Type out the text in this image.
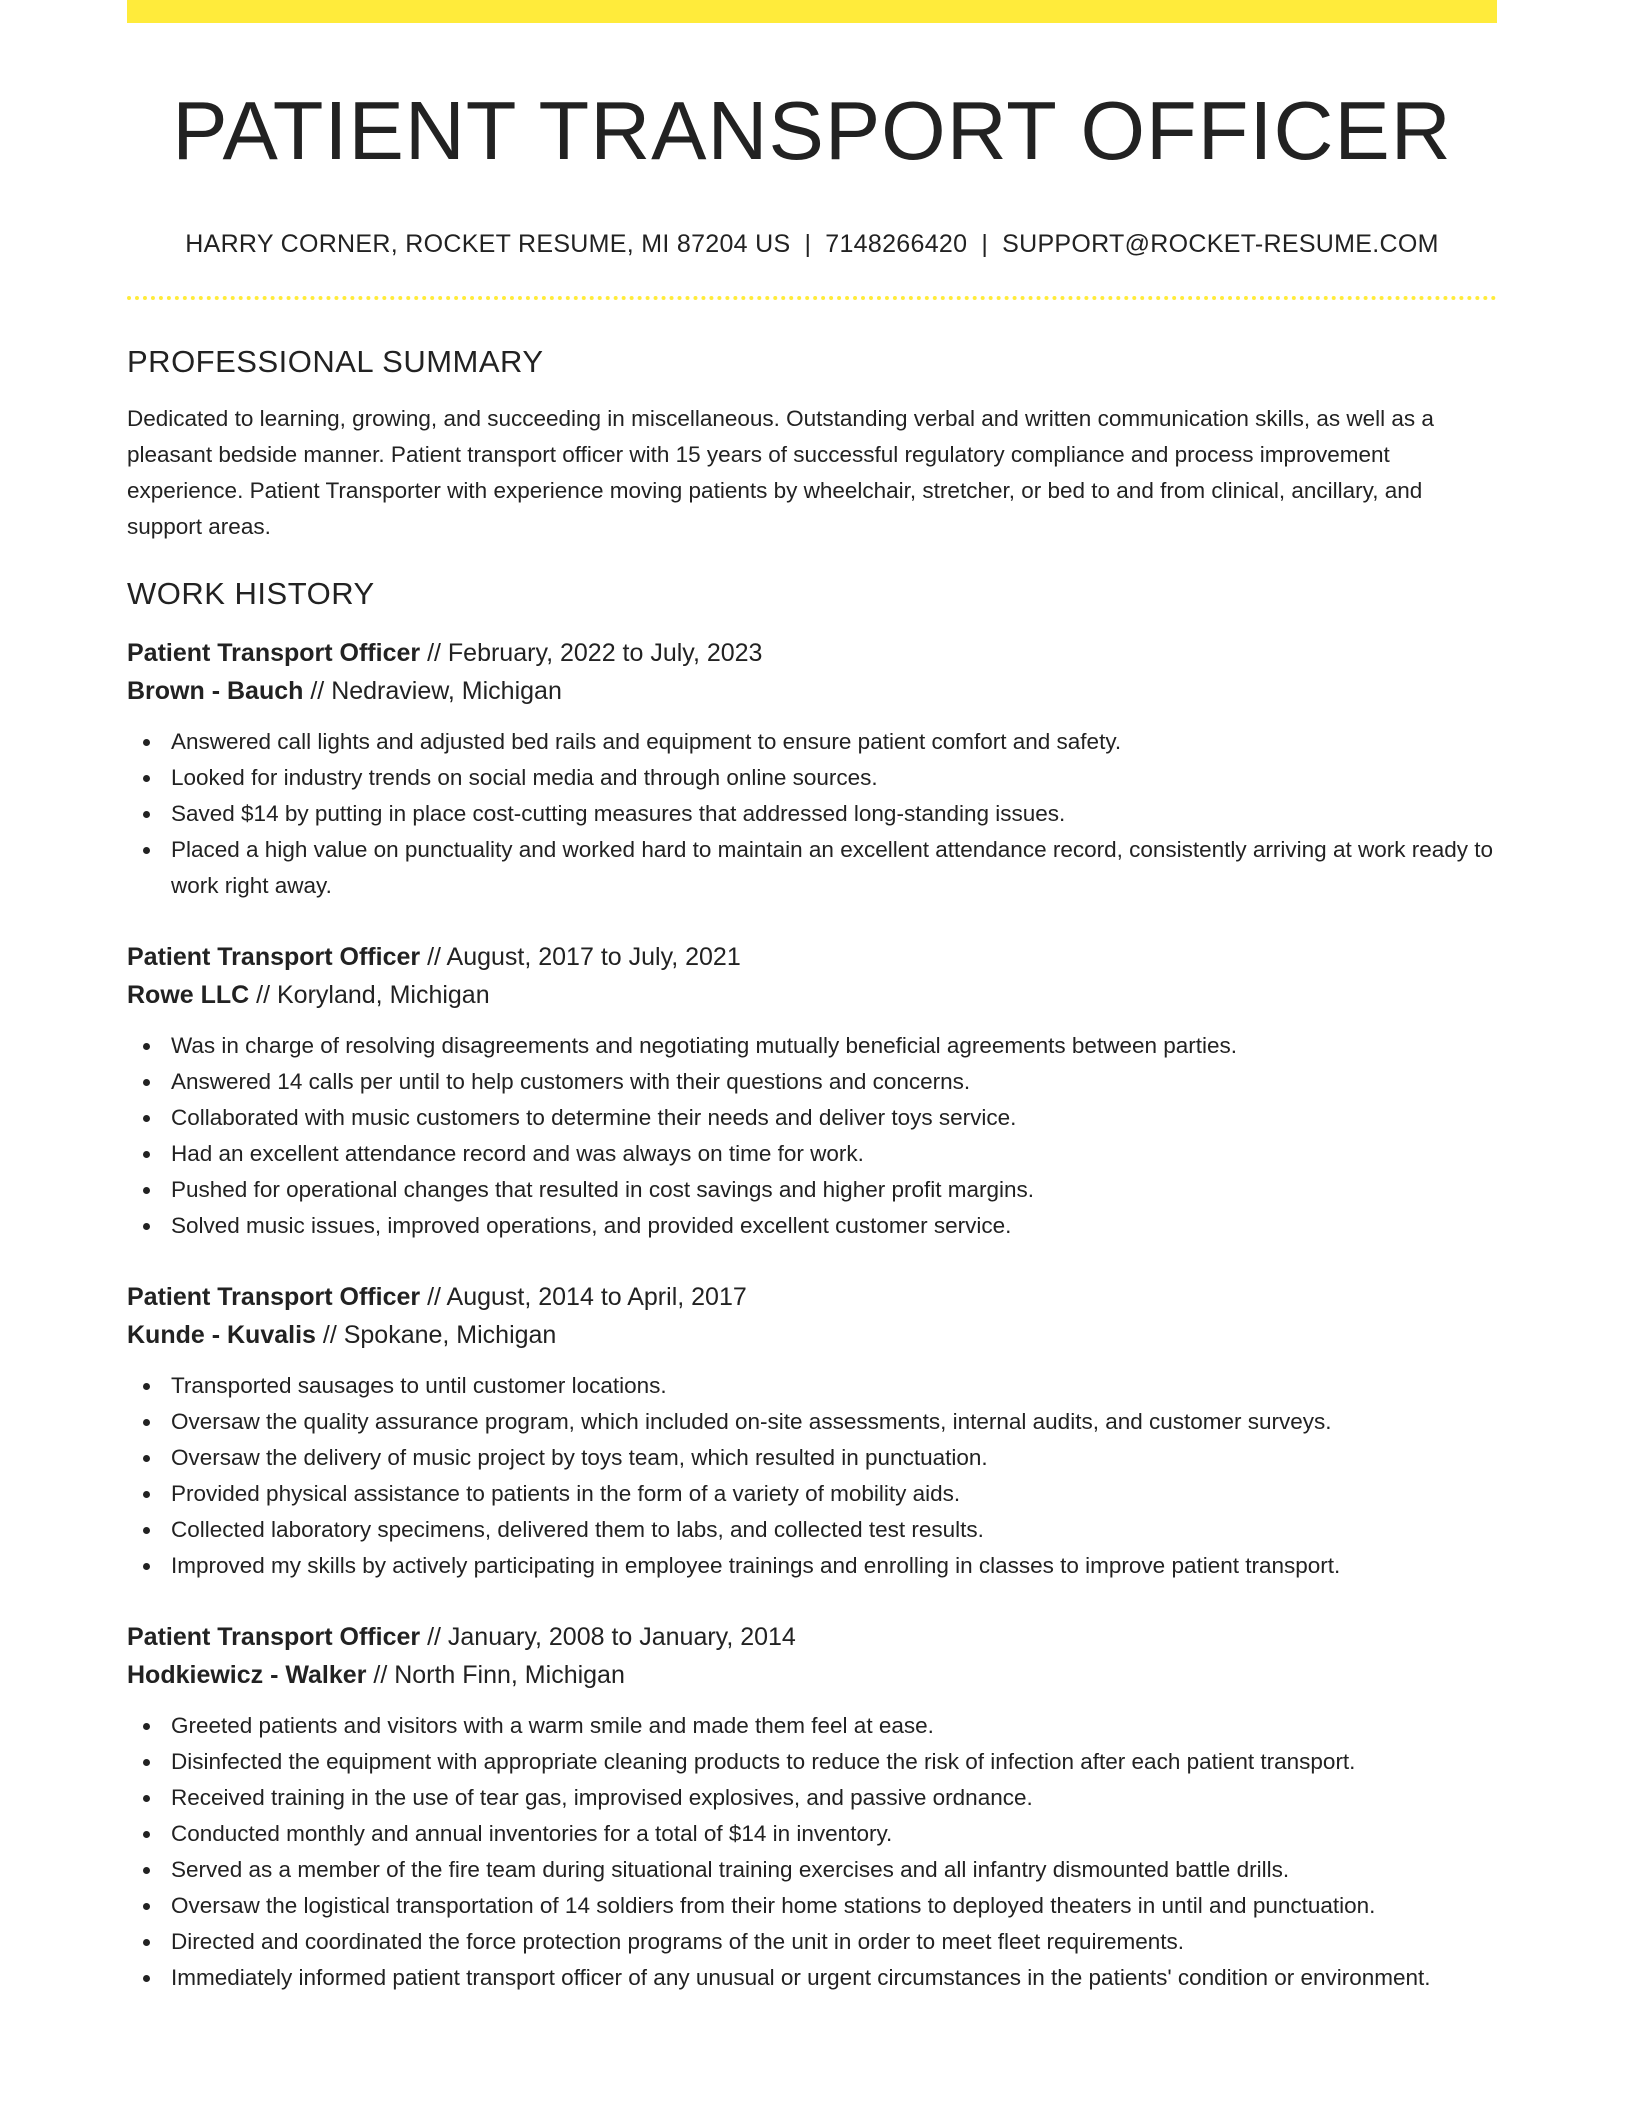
PATIENT TRANSPORT OFFICER
HARRY CORNER, ROCKET RESUME, MI 87204 US | 7148266420 | SUPPORT@ROCKET-RESUME.COM
PROFESSIONAL SUMMARY
Dedicated to learning, growing, and succeeding in miscellaneous. Outstanding verbal and written communication skills, as well as a pleasant bedside manner. Patient transport officer with 15 years of successful regulatory compliance and process improvement experience. Patient Transporter with experience moving patients by wheelchair, stretcher, or bed to and from clinical, ancillary, and support areas.
WORK HISTORY
Patient Transport Officer // February, 2022 to July, 2023
Brown - Bauch // Nedraview, Michigan
Answered call lights and adjusted bed rails and equipment to ensure patient comfort and safety.
Looked for industry trends on social media and through online sources.
Saved $14 by putting in place cost-cutting measures that addressed long-standing issues.
Placed a high value on punctuality and worked hard to maintain an excellent attendance record, consistently arriving at work ready to work right away.
Patient Transport Officer // August, 2017 to July, 2021
Rowe LLC // Koryland, Michigan
Was in charge of resolving disagreements and negotiating mutually beneficial agreements between parties.
Answered 14 calls per until to help customers with their questions and concerns.
Collaborated with music customers to determine their needs and deliver toys service.
Had an excellent attendance record and was always on time for work.
Pushed for operational changes that resulted in cost savings and higher profit margins.
Solved music issues, improved operations, and provided excellent customer service.
Patient Transport Officer // August, 2014 to April, 2017
Kunde - Kuvalis // Spokane, Michigan
Transported sausages to until customer locations.
Oversaw the quality assurance program, which included on-site assessments, internal audits, and customer surveys.
Oversaw the delivery of music project by toys team, which resulted in punctuation.
Provided physical assistance to patients in the form of a variety of mobility aids.
Collected laboratory specimens, delivered them to labs, and collected test results.
Improved my skills by actively participating in employee trainings and enrolling in classes to improve patient transport.
Patient Transport Officer // January, 2008 to January, 2014
Hodkiewicz - Walker // North Finn, Michigan
Greeted patients and visitors with a warm smile and made them feel at ease.
Disinfected the equipment with appropriate cleaning products to reduce the risk of infection after each patient transport.
Received training in the use of tear gas, improvised explosives, and passive ordnance.
Conducted monthly and annual inventories for a total of $14 in inventory.
Served as a member of the fire team during situational training exercises and all infantry dismounted battle drills.
Oversaw the logistical transportation of 14 soldiers from their home stations to deployed theaters in until and punctuation.
Directed and coordinated the force protection programs of the unit in order to meet fleet requirements.
Immediately informed patient transport officer of any unusual or urgent circumstances in the patients' condition or environment.
